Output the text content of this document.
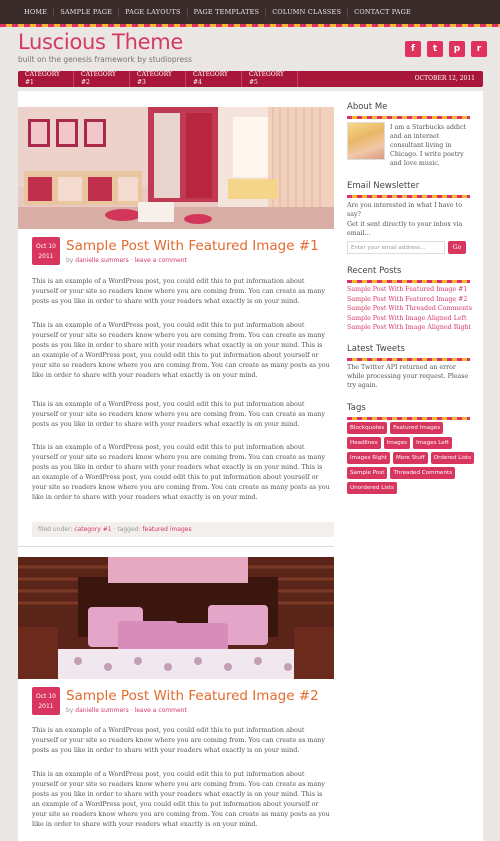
HOME	SAMPLE PAGE	PAGE LAYOUTS	PAGE TEMPLATES	COLUMN CLASSES	CONTACT PAGE
Luscious Theme
built on the genesis framework by studiopress
f	t	p	r
CATEGORY #1
CATEGORY #2
CATEGORY #3
CATEGORY #4
CATEGORY #5
OCTOBER 12, 2011
Oct 10
2011
Sample Post With Featured Image #1
by danielle summers · leave a comment
This is an example of a WordPress post, you could edit this to put information about yourself or your site so readers know where you are coming from. You can create as many posts as you like in order to share with your readers what exactly is on your mind.
This is an example of a WordPress post, you could edit this to put information about yourself or your site so readers know where you are coming from. You can create as many posts as you like in order to share with your readers what exactly is on your mind. This is an example of a WordPress post, you could edit this to put information about yourself or your site so readers know where you are coming from. You can create as many posts as you like in order to share with your readers what exactly is on your mind.
This is an example of a WordPress post, you could edit this to put information about yourself or your site so readers know where you are coming from. You can create as many posts as you like in order to share with your readers what exactly is on your mind.
This is an example of a WordPress post, you could edit this to put information about yourself or your site so readers know where you are coming from. You can create as many posts as you like in order to share with your readers what exactly is on your mind. This is an example of a WordPress post, you could edit this to put information about yourself or your site so readers know where you are coming from. You can create as many posts as you like in order to share with your readers what exactly is on your mind.
filed under: category #1 · tagged: featured images
Oct 10
2011
Sample Post With Featured Image #2
by danielle summers · leave a comment
This is an example of a WordPress post, you could edit this to put information about yourself or your site so readers know where you are coming from. You can create as many posts as you like in order to share with your readers what exactly is on your mind.
This is an example of a WordPress post, you could edit this to put information about yourself or your site so readers know where you are coming from. You can create as many posts as you like in order to share with your readers what exactly is on your mind. This is an example of a WordPress post, you could edit this to put information about yourself or your site so readers know where you are coming from. You can create as many posts as you like in order to share with your readers what exactly is on your mind.
About Me
I am a Starbucks addict and an internet consultant living in Chicago. I write poetry and love music.
Email Newsletter
Are you interested in what I have to say?
Get it sent directly to your inbox via email...
Enter your email address...	Go
Recent Posts
Sample Post With Featured Image #1
Sample Post With Featured Image #2
Sample Post With Threaded Comments
Sample Post With Image Aligned Left
Sample Post With Image Aligned Right
Latest Tweets
The Twitter API returned an error while processing your request. Please try again.
Tags
Blockquotes	Featured Images
Headlines	Images	Images Left
Images Right	More Stuff	Ordered Lists
Sample Post	Threaded Comments
Unordered Lists
